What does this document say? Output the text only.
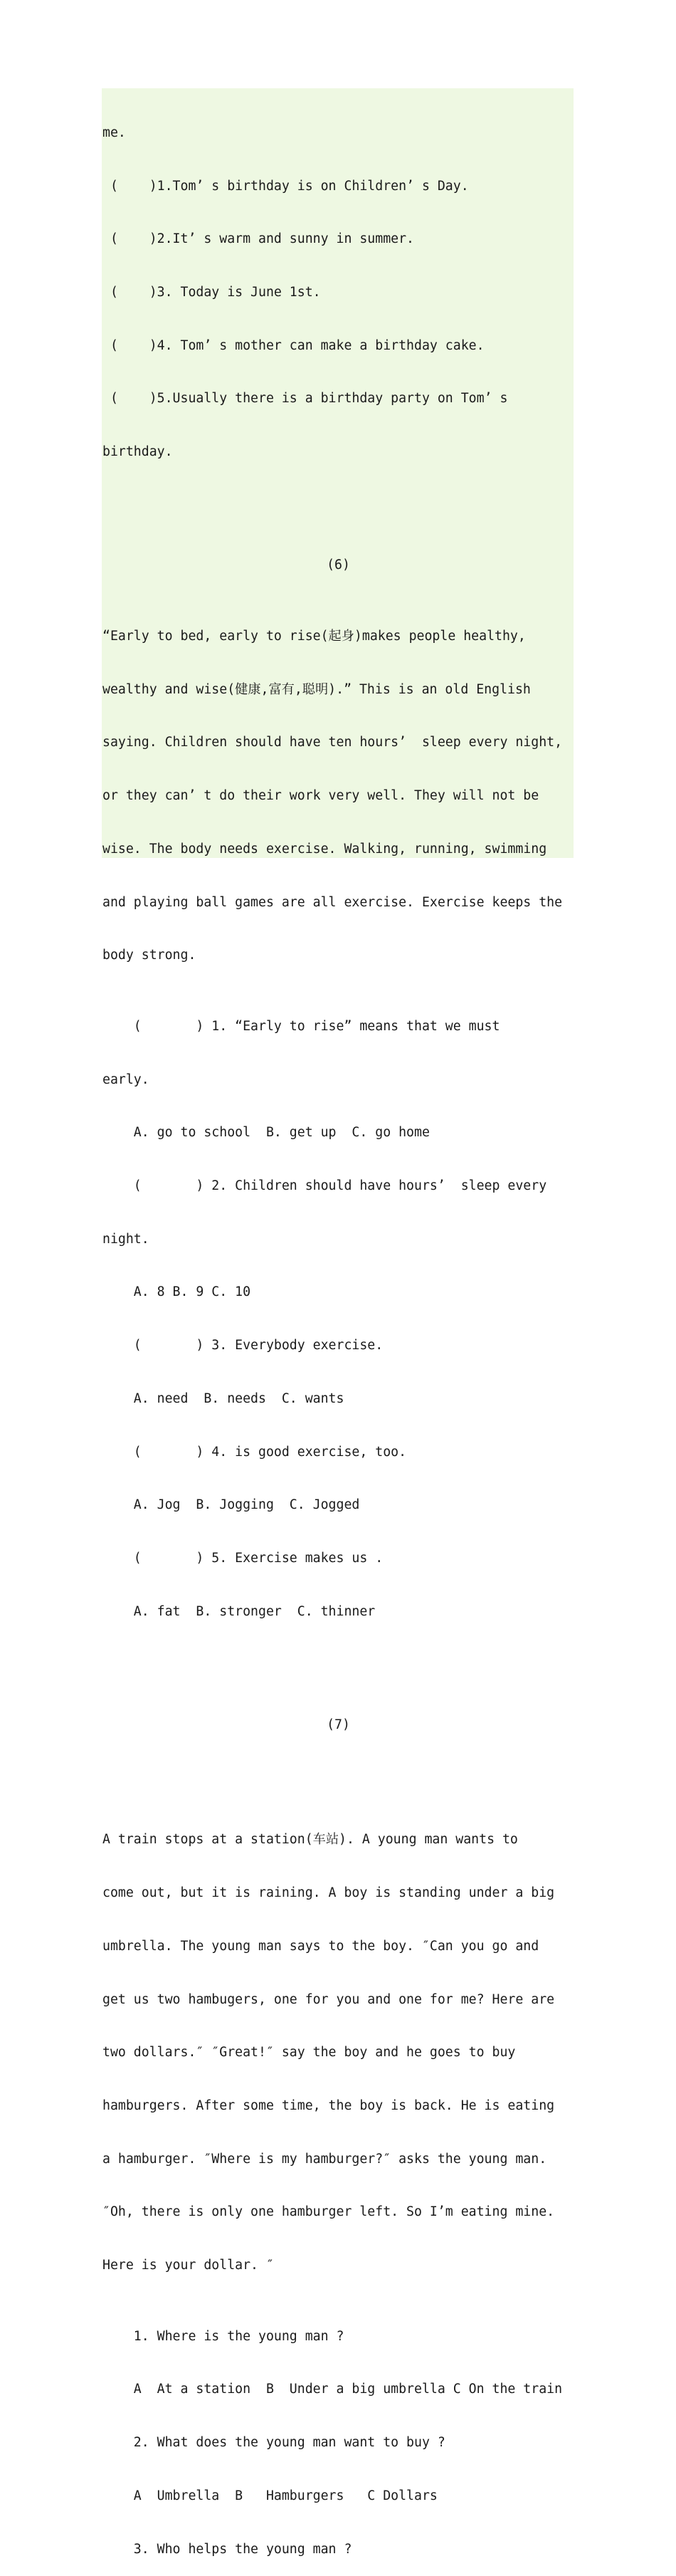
me.

(    )1.Tom’ s birthday is on Children’ s Day.

(    )2.It’ s warm and sunny in summer.

(    )3. Today is June 1st.

(    )4. Tom’ s mother can make a birthday cake.

(    )5.Usually there is a birthday party on Tom’ s

birthday.

(6)

“Early to bed, early to rise(起身)makes people healthy,

wealthy and wise(健康,富有,聪明).” This is an old English

saying. Children should have ten hours’  sleep every night,

or they can’ t do their work very well. They will not be

wise. The body needs exercise. Walking, running, swimming

and playing ball games are all exercise. Exercise keeps the

body strong.

(       ) 1. “Early to rise” means that we must

early.

A. go to school  B. get up  C. go home

(       ) 2. Children should have hours’  sleep every

night.

A. 8 B. 9 C. 10

(       ) 3. Everybody exercise.

A. need  B. needs  C. wants

(       ) 4. is good exercise, too.

A. Jog  B. Jogging  C. Jogged

(       ) 5. Exercise makes us .

A. fat  B. stronger  C. thinner

(7)

A train stops at a station(车站). A young man wants to

come out, but it is raining. A boy is standing under a big

umbrella. The young man says to the boy. ″Can you go and

get us two hambugers, one for you and one for me? Here are

two dollars.″ ″Great!″ say the boy and he goes to buy

hamburgers. After some time, the boy is back. He is eating

a hamburger. ″Where is my hamburger?″ asks the young man.

″Oh, there is only one hamburger left. So I’m eating mine.

Here is your dollar. ″

1. Where is the young man ?

A  At a station  B  Under a big umbrella C On the train

2. What does the young man want to buy ?

A  Umbrella  B   Hamburgers   C Dollars

3. Who helps the young man ?
